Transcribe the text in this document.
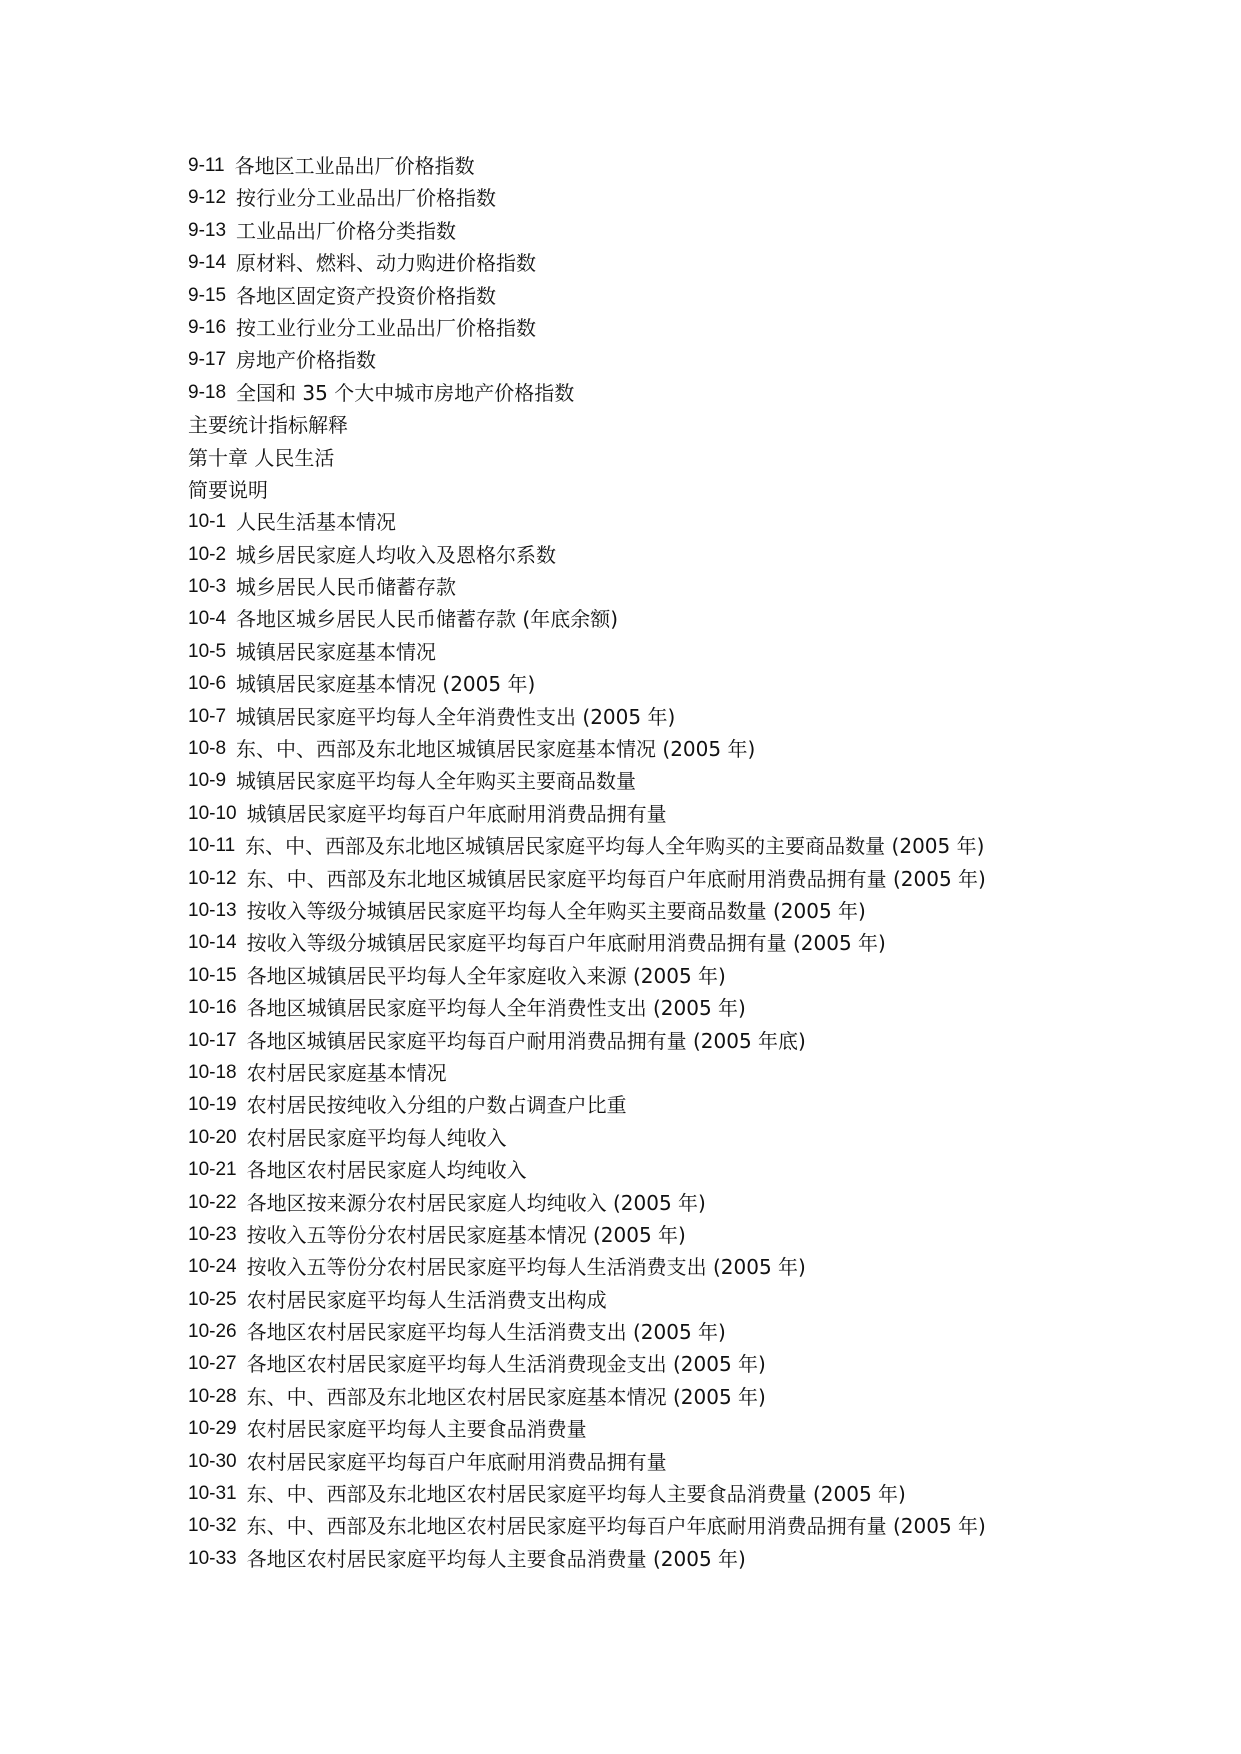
9-11 各地区工业品出厂价格指数
9-12 按行业分工业品出厂价格指数
9-13 工业品出厂价格分类指数
9-14 原材料、燃料、动力购进价格指数
9-15 各地区固定资产投资价格指数
9-16 按工业行业分工业品出厂价格指数
9-17 房地产价格指数
9-18 全国和 35 个大中城市房地产价格指数
主要统计指标解释
第十章 人民生活
简要说明
10-1 人民生活基本情况
10-2 城乡居民家庭人均收入及恩格尔系数
10-3 城乡居民人民币储蓄存款
10-4 各地区城乡居民人民币储蓄存款 (年底余额)
10-5 城镇居民家庭基本情况
10-6 城镇居民家庭基本情况 (2005 年)
10-7 城镇居民家庭平均每人全年消费性支出 (2005 年)
10-8 东、中、西部及东北地区城镇居民家庭基本情况 (2005 年)
10-9 城镇居民家庭平均每人全年购买主要商品数量
10-10 城镇居民家庭平均每百户年底耐用消费品拥有量
10-11 东、中、西部及东北地区城镇居民家庭平均每人全年购买的主要商品数量 (2005 年)
10-12 东、中、西部及东北地区城镇居民家庭平均每百户年底耐用消费品拥有量 (2005 年)
10-13 按收入等级分城镇居民家庭平均每人全年购买主要商品数量 (2005 年)
10-14 按收入等级分城镇居民家庭平均每百户年底耐用消费品拥有量 (2005 年)
10-15 各地区城镇居民平均每人全年家庭收入来源 (2005 年)
10-16 各地区城镇居民家庭平均每人全年消费性支出 (2005 年)
10-17 各地区城镇居民家庭平均每百户耐用消费品拥有量 (2005 年底)
10-18 农村居民家庭基本情况
10-19 农村居民按纯收入分组的户数占调查户比重
10-20 农村居民家庭平均每人纯收入
10-21 各地区农村居民家庭人均纯收入
10-22 各地区按来源分农村居民家庭人均纯收入 (2005 年)
10-23 按收入五等份分农村居民家庭基本情况 (2005 年)
10-24 按收入五等份分农村居民家庭平均每人生活消费支出 (2005 年)
10-25 农村居民家庭平均每人生活消费支出构成
10-26 各地区农村居民家庭平均每人生活消费支出 (2005 年)
10-27 各地区农村居民家庭平均每人生活消费现金支出 (2005 年)
10-28 东、中、西部及东北地区农村居民家庭基本情况 (2005 年)
10-29 农村居民家庭平均每人主要食品消费量
10-30 农村居民家庭平均每百户年底耐用消费品拥有量
10-31 东、中、西部及东北地区农村居民家庭平均每人主要食品消费量 (2005 年)
10-32 东、中、西部及东北地区农村居民家庭平均每百户年底耐用消费品拥有量 (2005 年)
10-33 各地区农村居民家庭平均每人主要食品消费量 (2005 年)
